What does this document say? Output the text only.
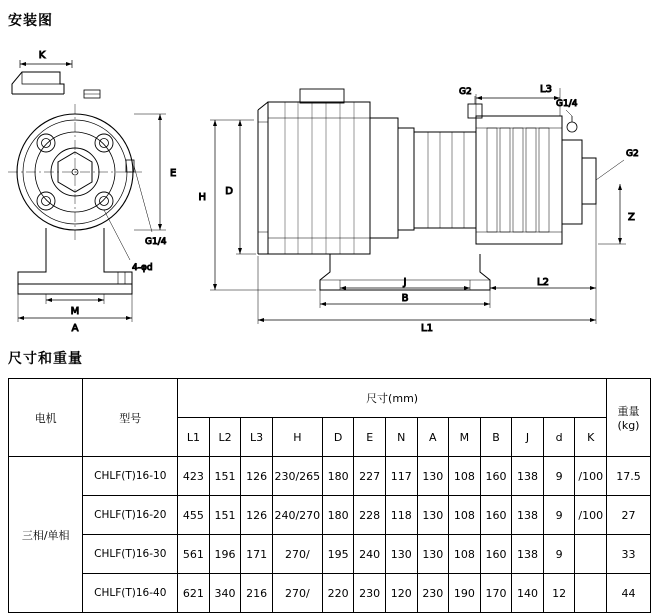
安装图
K
G1/4
4-φd
E
M
A
G2
G1/4
G2
H
D
Z
L3
J	L2
B
L1
尺寸和重量
电机	型号	尺寸(mm)													重量
(kg)

		L1	L2	L3	H	D	E	N	A	M	B	J	d	K	
三相/单相	CHLF(T)16-10	423	151	126	230/265	180	227	117	130	108	160	138	9	/100	17.5
	CHLF(T)16-20	455	151	126	240/270	180	228	118	130	108	160	138	9	/100	27
	CHLF(T)16-30	561	196	171	270/	195	240	130	130	108	160	138	9		33
	CHLF(T)16-40	621	340	216	270/	220	230	120	230	190	170	140	12		44
